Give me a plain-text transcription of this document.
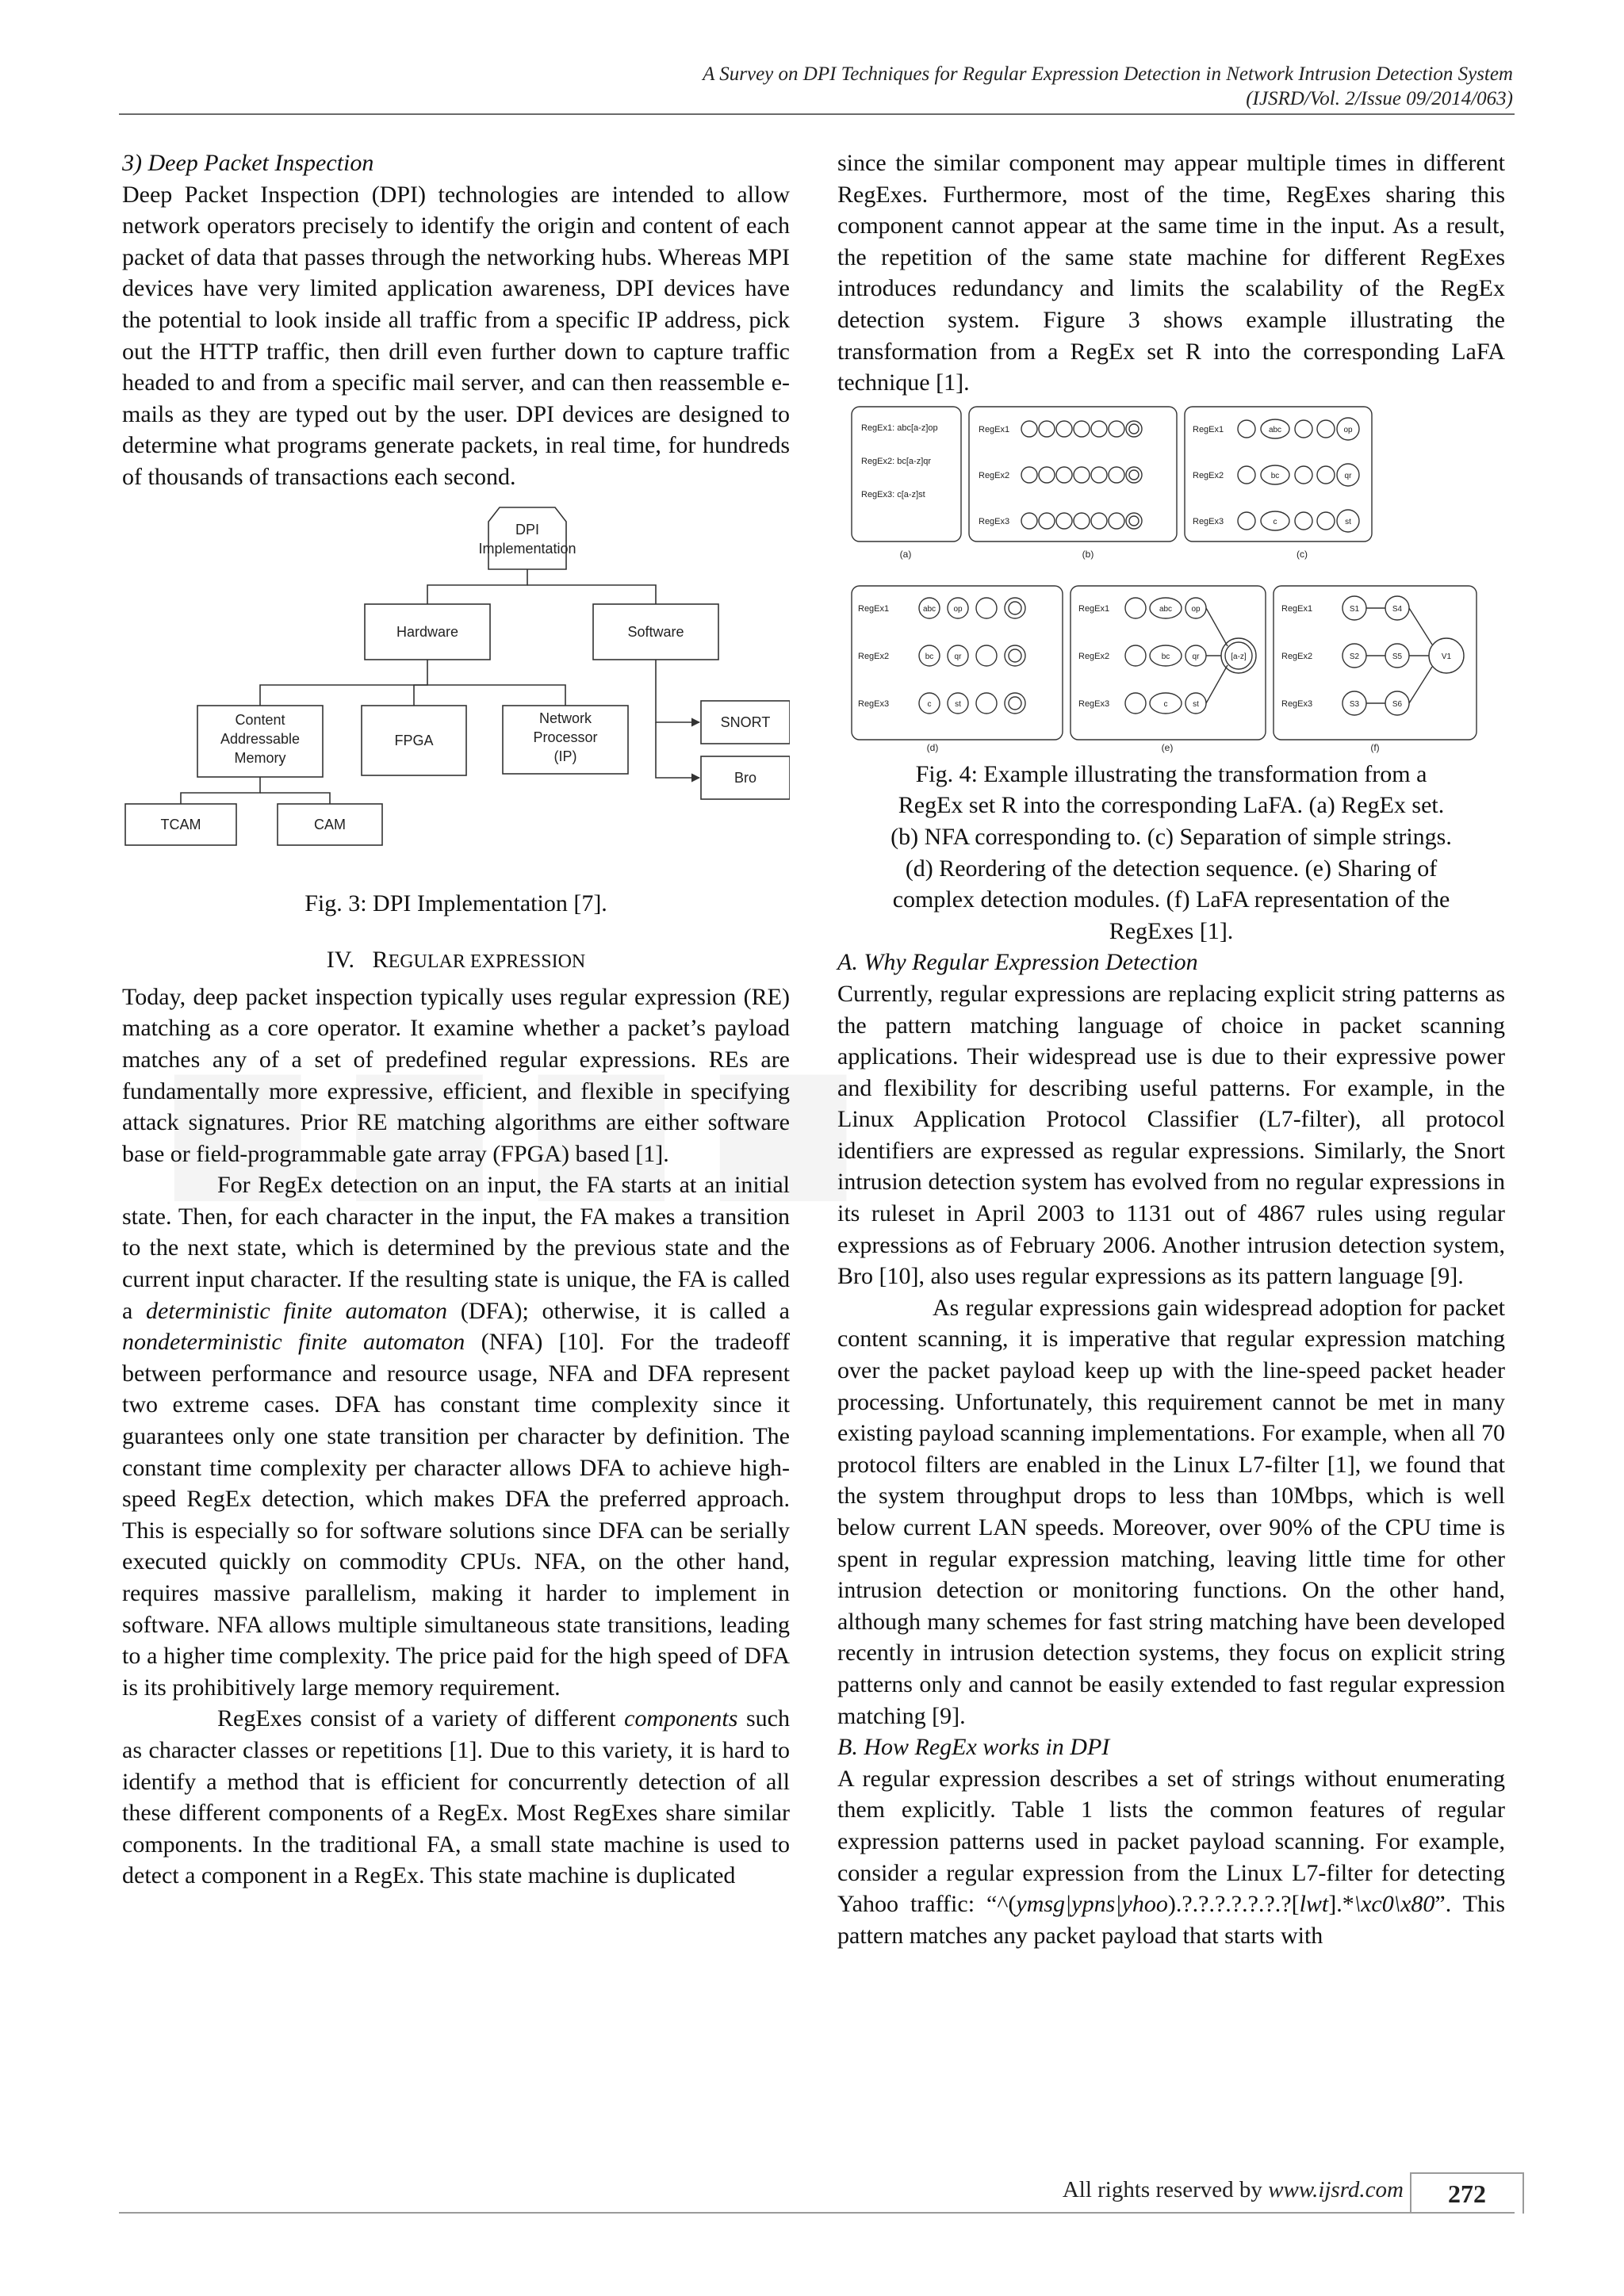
A Survey on DPI Techniques for Regular Expression Detection in Network Intrusion Detection System
(IJSRD/Vol. 2/Issue 09/2014/063)
3) Deep Packet Inspection

Deep Packet Inspection (DPI) technologies are intended to allow network operators precisely to identify the origin and content of each packet of data that passes through the networking hubs. Whereas MPI devices have very limited application awareness, DPI devices have the potential to look inside all traffic from a specific IP address, pick out the HTTP traffic, then drill even further down to capture traffic headed to and from a specific mail server, and can then reassemble e-mails as they are typed out by the user. DPI devices are designed to determine what programs generate packets, in real time, for hundreds of thousands of transactions each second.

DPI
Implementation
Hardware	Software
Content
Addressable
Memory
FPGA
Network
Processor
(IP)
SNORT
Bro
TCAM	CAM

Fig. 3: DPI Implementation [7].

IV. REGULAR EXPRESSION

Today, deep packet inspection typically uses regular expression (RE) matching as a core operator. It examine whether a packet’s payload matches any of a set of predefined regular expressions. REs are fundamentally more expressive, efficient, and flexible in specifying attack signatures. Prior RE matching algorithms are either software base or field-programmable gate array (FPGA) based [1].

For RegEx detection on an input, the FA starts at an initial state. Then, for each character in the input, the FA makes a transition to the next state, which is determined by the previous state and the current input character. If the resulting state is unique, the FA is called a deterministic finite automaton (DFA); otherwise, it is called a nondeterministic finite automaton (NFA) [10]. For the tradeoff between performance and resource usage, NFA and DFA represent two extreme cases. DFA has constant time complexity since it guarantees only one state transition per character by definition. The constant time complexity per character allows DFA to achieve high-speed RegEx detection, which makes DFA the preferred approach. This is especially so for software solutions since DFA can be serially executed quickly on commodity CPUs. NFA, on the other hand, requires massive parallelism, making it harder to implement in software. NFA allows multiple simultaneous state transitions, leading to a higher time complexity. The price paid for the high speed of DFA is its prohibitively large memory requirement.

RegExes consist of a variety of different components such as character classes or repetitions [1]. Due to this variety, it is hard to identify a method that is efficient for concurrently detection of all these different components of a RegEx. Most RegExes share similar components. In the traditional FA, a small state machine is used to detect a component in a RegEx. This state machine is duplicated

since the similar component may appear multiple times in different RegExes. Furthermore, most of the time, RegExes sharing this component cannot appear at the same time in the input. As a result, the repetition of the same state machine for different RegExes introduces redundancy and limits the scalability of the RegEx detection system. Figure 3 shows example illustrating the transformation from a RegEx set R into the corresponding LaFA technique [1].

RegEx1: abc[a-z]op
RegEx2: bc[a-z]qr
RegEx3: c[a-z]st
RegEx1
RegEx2
RegEx3
RegEx1
RegEx2
RegEx3
RegEx1
RegEx2
RegEx3
RegEx1
RegEx2
RegEx3
RegEx1
RegEx2
RegEx3
abc
bc
c
op
qr
st
abc op
bc	qr
c	st
abc op
bc	qr
c	st
[a-z]
S1	S4
S2	S5
S3	S6
V1
(a)	(b)	(c)
(d)	(e)	(f)

Fig. 4: Example illustrating the transformation from a

RegEx set R into the corresponding LaFA. (a) RegEx set.

(b) NFA corresponding to. (c) Separation of simple strings.

(d) Reordering of the detection sequence. (e) Sharing of

complex detection modules. (f) LaFA representation of the

RegExes [1].

A. Why Regular Expression Detection

Currently, regular expressions are replacing explicit string patterns as the pattern matching language of choice in packet scanning applications. Their widespread use is due to their expressive power and flexibility for describing useful patterns. For example, in the Linux Application Protocol Classifier (L7-filter), all protocol identifiers are expressed as regular expressions. Similarly, the Snort intrusion detection system has evolved from no regular expressions in its ruleset in April 2003 to 1131 out of 4867 rules using regular expressions as of February 2006. Another intrusion detection system, Bro [10], also uses regular expressions as its pattern language [9].

As regular expressions gain widespread adoption for packet content scanning, it is imperative that regular expression matching over the packet payload keep up with the line-speed packet header processing. Unfortunately, this requirement cannot be met in many existing payload scanning implementations. For example, when all 70 protocol filters are enabled in the Linux L7-filter [1], we found that the system throughput drops to less than 10Mbps, which is well below current LAN speeds. Moreover, over 90% of the CPU time is spent in regular expression matching, leaving little time for other intrusion detection or monitoring functions. On the other hand, although many schemes for fast string matching have been developed recently in intrusion detection systems, they focus on explicit string patterns only and cannot be easily extended to fast regular expression matching [9].

B. How RegEx works in DPI

A regular expression describes a set of strings without enumerating them explicitly. Table 1 lists the common features of regular expression patterns used in packet payload scanning. For example, consider a regular expression from the Linux L7-filter for detecting Yahoo traffic: “^(ymsg|ypns|yhoo).?.?.?.?.?.?.?[lwt].*\xc0\x80”. This pattern matches any packet payload that starts with

All rights reserved by www.ijsrd.com	272
